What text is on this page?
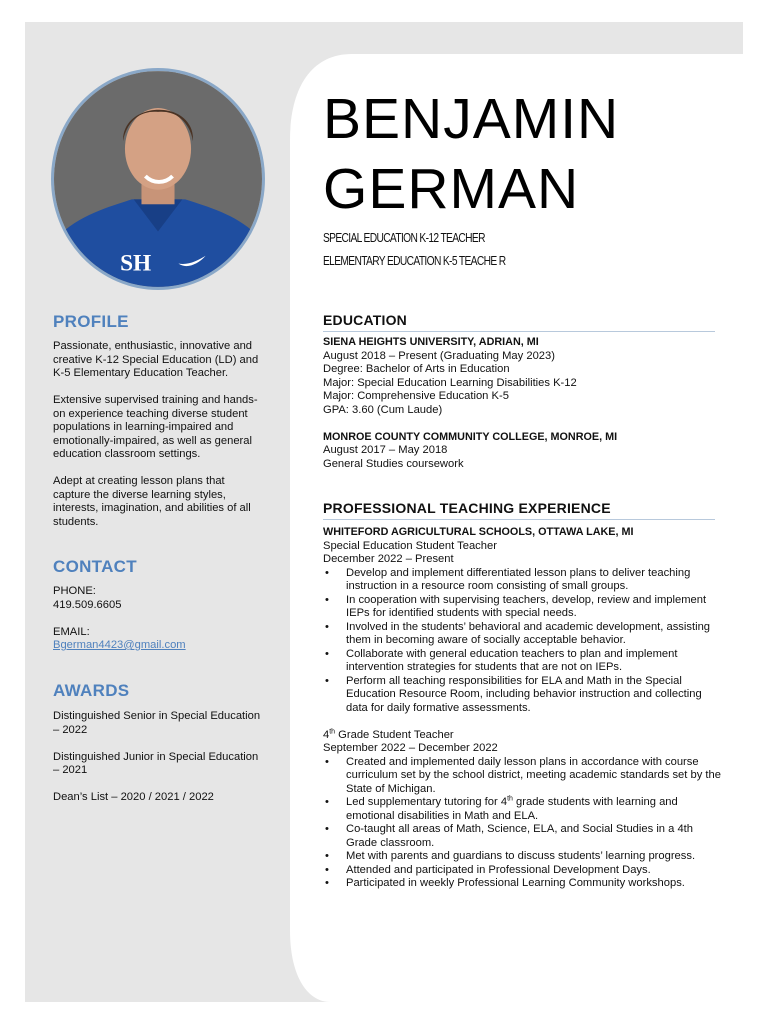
SH
BENJAMIN
GERMAN
SPECIAL EDUCATION K-12 TEACHER
ELEMENTARY EDUCATION K-5 TEACHE R
PROFILE

Passionate, enthusiastic, innovative and creative K-12 Special Education (LD) and K-5 Elementary Education Teacher.

Extensive supervised training and hands-on experience teaching diverse student populations in learning-impaired and emotionally-impaired, as well as general education classroom settings.

Adept at creating lesson plans that capture the diverse learning styles, interests, imagination, and abilities of all students.

CONTACT

PHONE:

419.509.6605

EMAIL:

Bgerman4423@gmail.com

AWARDS

Distinguished Senior in Special Education – 2022

Distinguished Junior in Special Education – 2021

Dean’s List – 2020 / 2021 / 2022

EDUCATION

SIENA HEIGHTS UNIVERSITY, ADRIAN, MI

August 2018 – Present (Graduating May 2023)

Degree: Bachelor of Arts in Education

Major: Special Education Learning Disabilities K-12

Major: Comprehensive Education K-5

GPA: 3.60 (Cum Laude)

MONROE COUNTY COMMUNITY COLLEGE, MONROE, MI

August 2017 – May 2018

General Studies coursework

PROFESSIONAL TEACHING EXPERIENCE

WHITEFORD AGRICULTURAL SCHOOLS, OTTAWA LAKE, MI

Special Education Student Teacher

December 2022 – Present

• Develop and implement differentiated lesson plans to deliver teaching instruction in a resource room consisting of small groups.
• In cooperation with supervising teachers, develop, review and implement IEPs for identified students with special needs.
• Involved in the students’ behavioral and academic development, assisting them in becoming aware of socially acceptable behavior.
• Collaborate with general education teachers to plan and implement intervention strategies for students that are not on IEPs.
• Perform all teaching responsibilities for ELA and Math in the Special Education Resource Room, including behavior instruction and collecting data for daily formative assessments.

4th Grade Student Teacher

September 2022 – December 2022

• Created and implemented daily lesson plans in accordance with course curriculum set by the school district, meeting academic standards set by the State of Michigan.
• Led supplementary tutoring for 4th grade students with learning and emotional disabilities in Math and ELA.
• Co-taught all areas of Math, Science, ELA, and Social Studies in a 4th Grade classroom.
• Met with parents and guardians to discuss students’ learning progress.
• Attended and participated in Professional Development Days.
• Participated in weekly Professional Learning Community workshops.
